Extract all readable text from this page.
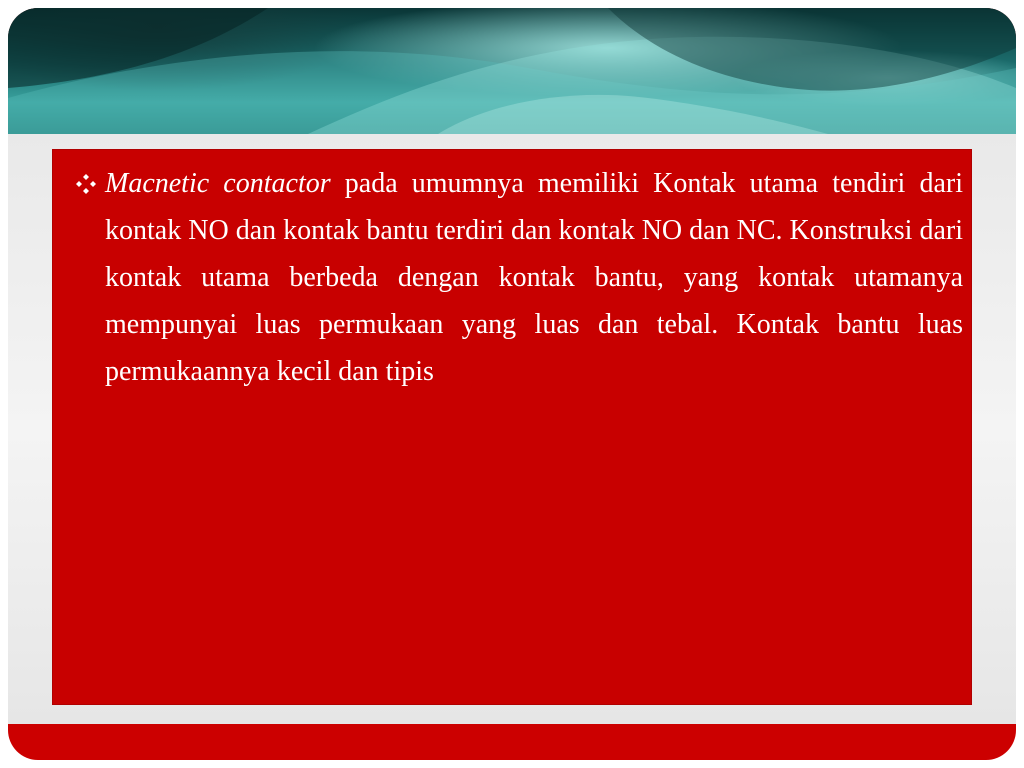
Macnetic contactor pada umumnya memiliki Kontak utama tendiri dari kontak NO dan kontak bantu terdiri dan kontak NO dan NC. Konstruksi dari kontak utama berbeda dengan kontak bantu, yang kontak utamanya mempunyai luas permukaan yang luas dan tebal. Kontak bantu luas permukaannya kecil dan tipis
